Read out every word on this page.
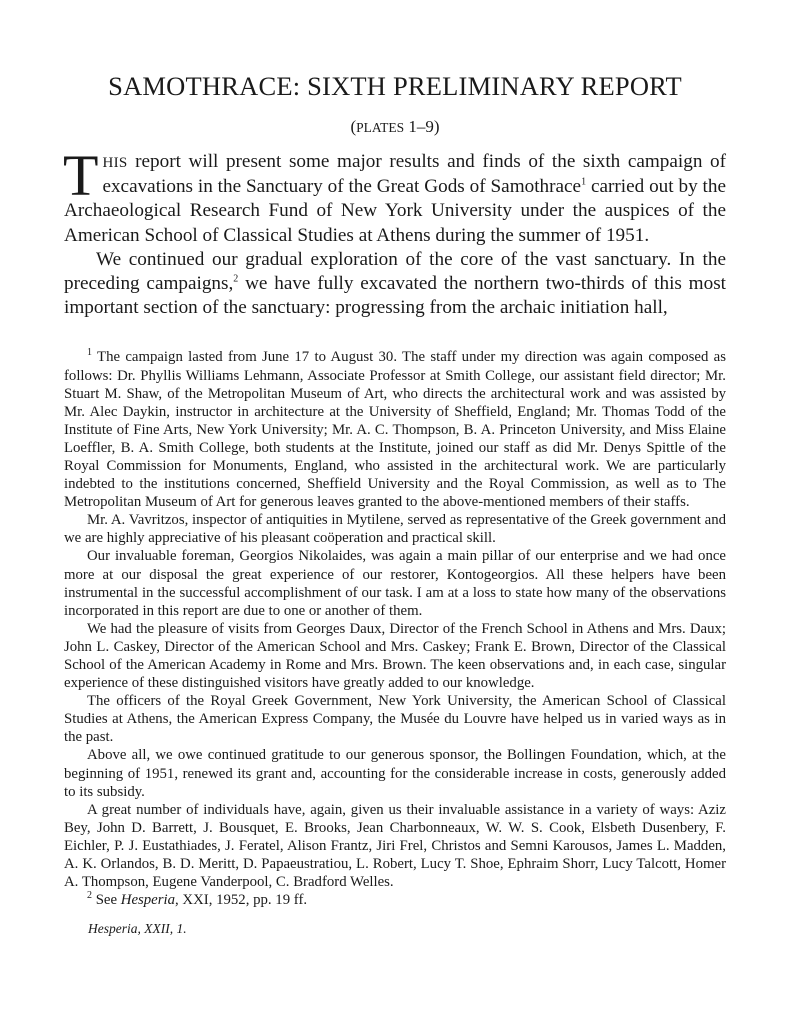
SAMOTHRACE: SIXTH PRELIMINARY REPORT
(PLATES 1–9)

THIS report will present some major results and finds of the sixth campaign of excavations in the Sanctuary of the Great Gods of Samothrace$^1$ carried out by the Archaeological Research Fund of New York University under the auspices of the American School of Classical Studies at Athens during the summer of 1951.

We continued our gradual exploration of the core of the vast sanctuary. In the preceding campaigns,$^2$ we have fully excavated the northern two-thirds of this most important section of the sanctuary: progressing from the archaic initiation hall,

$^1$ The campaign lasted from June 17 to August 30. The staff under my direction was again composed as follows: Dr. Phyllis Williams Lehmann, Associate Professor at Smith College, our assistant field director; Mr. Stuart M. Shaw, of the Metropolitan Museum of Art, who directs the architectural work and was assisted by Mr. Alec Daykin, instructor in architecture at the University of Sheffield, England; Mr. Thomas Todd of the Institute of Fine Arts, New York University; Mr. A. C. Thompson, B. A. Princeton University, and Miss Elaine Loeffler, B. A. Smith College, both students at the Institute, joined our staff as did Mr. Denys Spittle of the Royal Commission for Monuments, England, who assisted in the architectural work. We are particularly indebted to the institutions concerned, Sheffield University and the Royal Commission, as well as to The Metropolitan Museum of Art for generous leaves granted to the above-mentioned members of their staffs.

Mr. A. Vavritzos, inspector of antiquities in Mytilene, served as representative of the Greek government and we are highly appreciative of his pleasant coöperation and practical skill.

Our invaluable foreman, Georgios Nikolaides, was again a main pillar of our enterprise and we had once more at our disposal the great experience of our restorer, Kontogeorgios. All these helpers have been instrumental in the successful accomplishment of our task. I am at a loss to state how many of the observations incorporated in this report are due to one or another of them.

We had the pleasure of visits from Georges Daux, Director of the French School in Athens and Mrs. Daux; John L. Caskey, Director of the American School and Mrs. Caskey; Frank E. Brown, Director of the Classical School of the American Academy in Rome and Mrs. Brown. The keen observations and, in each case, singular experience of these distinguished visitors have greatly added to our knowledge.

The officers of the Royal Greek Government, New York University, the American School of Classical Studies at Athens, the American Express Company, the Musée du Louvre have helped us in varied ways as in the past.

Above all, we owe continued gratitude to our generous sponsor, the Bollingen Foundation, which, at the beginning of 1951, renewed its grant and, accounting for the considerable increase in costs, generously added to its subsidy.

A great number of individuals have, again, given us their invaluable assistance in a variety of ways: Aziz Bey, John D. Barrett, J. Bousquet, E. Brooks, Jean Charbonneaux, W. W. S. Cook, Elsbeth Dusenbery, F. Eichler, P. J. Eustathiades, J. Feratel, Alison Frantz, Jiri Frel, Christos and Semni Karousos, James L. Madden, A. K. Orlandos, B. D. Meritt, D. Papaeustratiou, L. Robert, Lucy T. Shoe, Ephraim Shorr, Lucy Talcott, Homer A. Thompson, Eugene Vanderpool, C. Bradford Welles.

$^2$ See Hesperia, XXI, 1952, pp. 19 ff.

Hesperia, XXII, 1.
